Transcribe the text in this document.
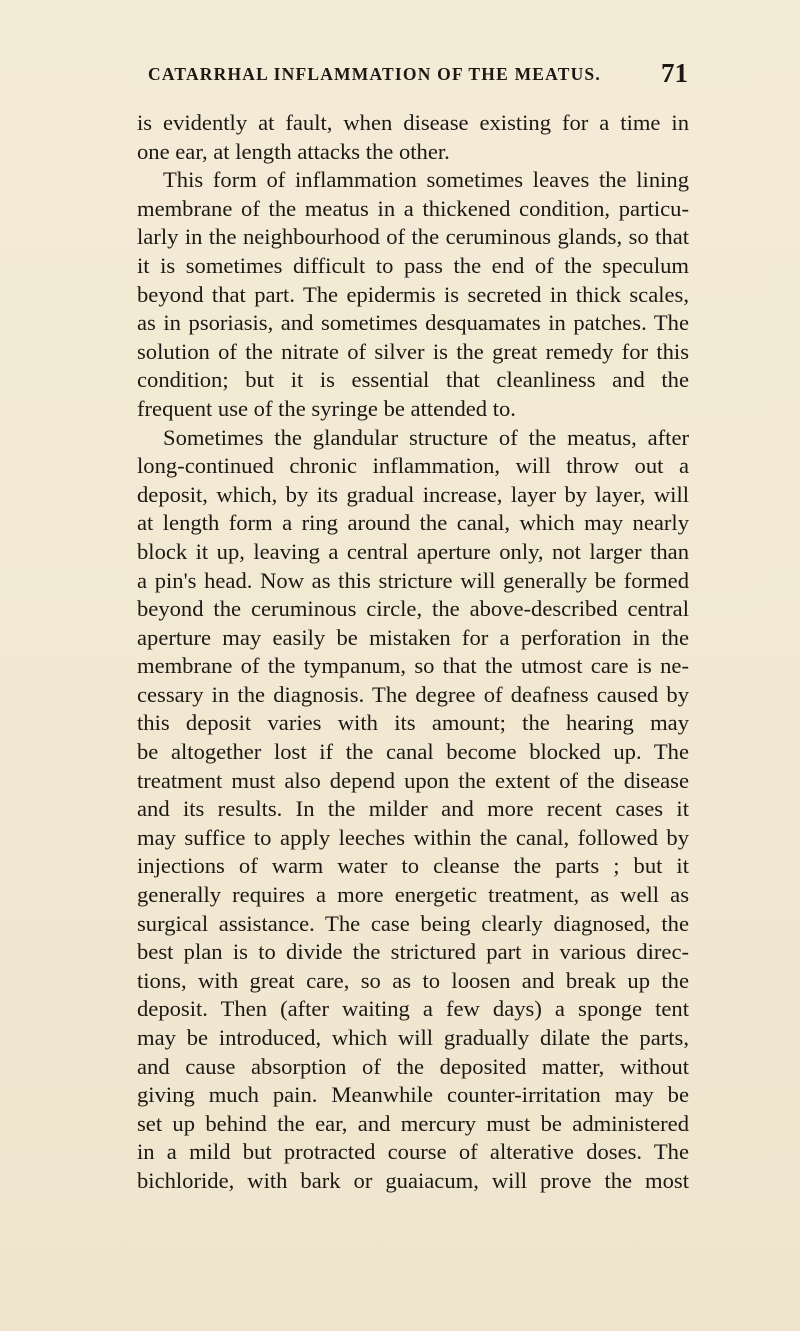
CATARRHAL INFLAMMATION OF THE MEATUS. 71
is evidently at fault, when disease existing for a time in
one ear, at length attacks the other.
This form of inflammation sometimes leaves the lining
membrane of the meatus in a thickened condition, particu-
larly in the neighbourhood of the ceruminous glands, so that
it is sometimes difficult to pass the end of the speculum
beyond that part. The epidermis is secreted in thick scales,
as in psoriasis, and sometimes desquamates in patches. The
solution of the nitrate of silver is the great remedy for this
condition; but it is essential that cleanliness and the
frequent use of the syringe be attended to.
Sometimes the glandular structure of the meatus, after
long-continued chronic inflammation, will throw out a
deposit, which, by its gradual increase, layer by layer, will
at length form a ring around the canal, which may nearly
block it up, leaving a central aperture only, not larger than
a pin's head. Now as this stricture will generally be formed
beyond the ceruminous circle, the above-described central
aperture may easily be mistaken for a perforation in the
membrane of the tympanum, so that the utmost care is ne-
cessary in the diagnosis. The degree of deafness caused by
this deposit varies with its amount; the hearing may
be altogether lost if the canal become blocked up. The
treatment must also depend upon the extent of the disease
and its results. In the milder and more recent cases it
may suffice to apply leeches within the canal, followed by
injections of warm water to cleanse the parts ; but it
generally requires a more energetic treatment, as well as
surgical assistance. The case being clearly diagnosed, the
best plan is to divide the strictured part in various direc-
tions, with great care, so as to loosen and break up the
deposit. Then (after waiting a few days) a sponge tent
may be introduced, which will gradually dilate the parts,
and cause absorption of the deposited matter, without
giving much pain. Meanwhile counter-irritation may be
set up behind the ear, and mercury must be administered
in a mild but protracted course of alterative doses. The
bichloride, with bark or guaiacum, will prove the most
